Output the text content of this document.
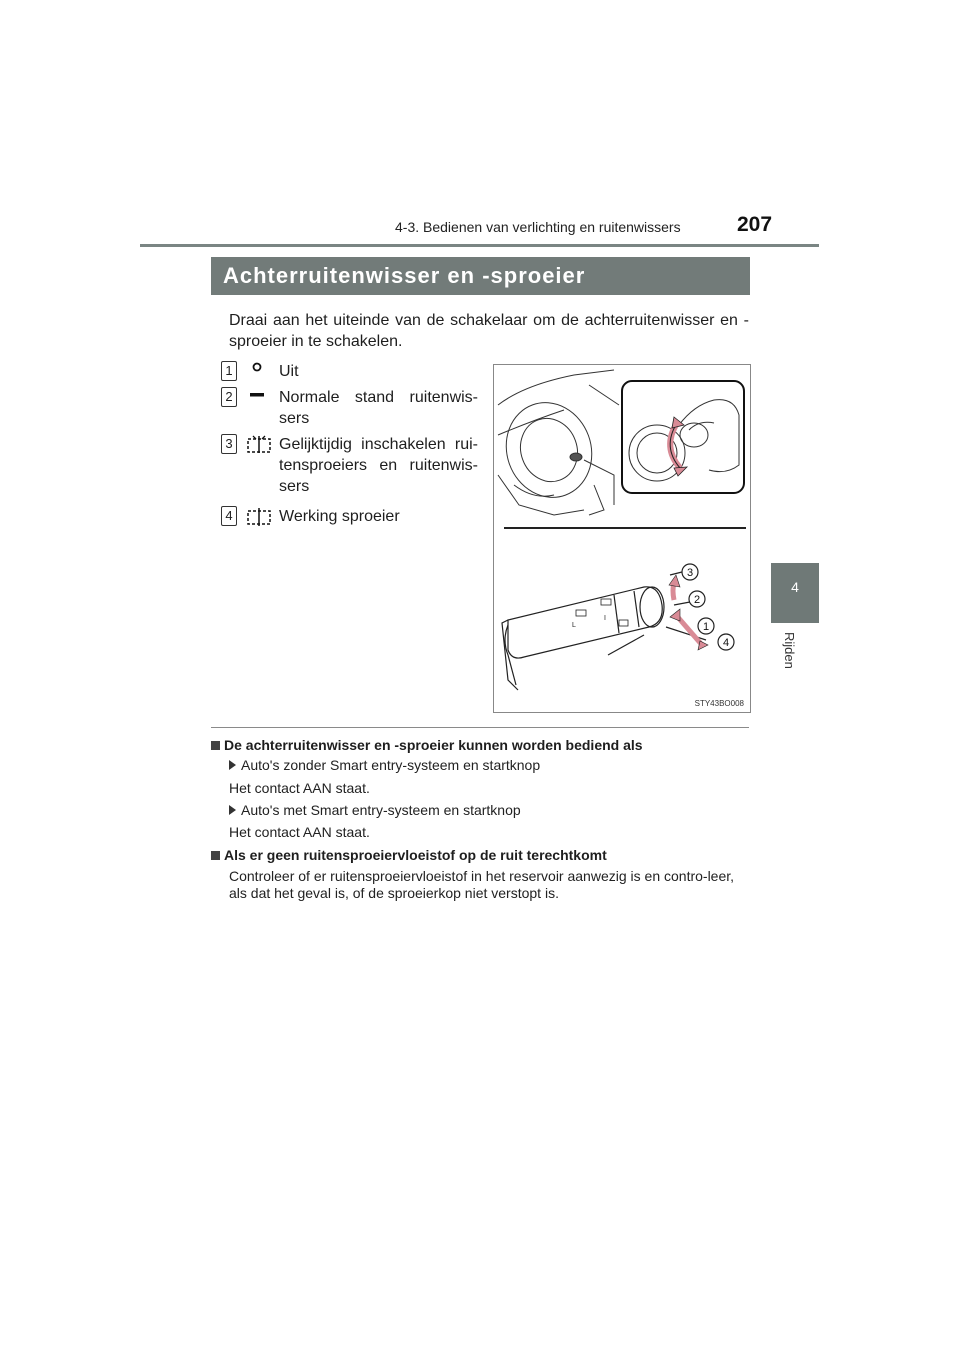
4-3. Bedienen van verlichting en ruitenwissers	207
4
Rijden
Achterruitenwisser en -sproeier
Draai aan het uiteinde van de schakelaar om de achterruitenwisser en -sproeier in te schakelen.
1	Uit
2	Normale stand ruitenwis-sers
3	Gelijktijdig inschakelen rui-tensproeiers en ruitenwis-sers
4	Werking sproeier
L
I
3
2
1
4
STY43BO008
De achterruitenwisser en -sproeier kunnen worden bediend als
Auto's zonder Smart entry-systeem en startknop
Het contact AAN staat.
Auto's met Smart entry-systeem en startknop
Het contact AAN staat.
Als er geen ruitensproeiervloeistof op de ruit terechtkomt
Controleer of er ruitensproeiervloeistof in het reservoir aanwezig is en contro-leer, als dat het geval is, of de sproeierkop niet verstopt is.
